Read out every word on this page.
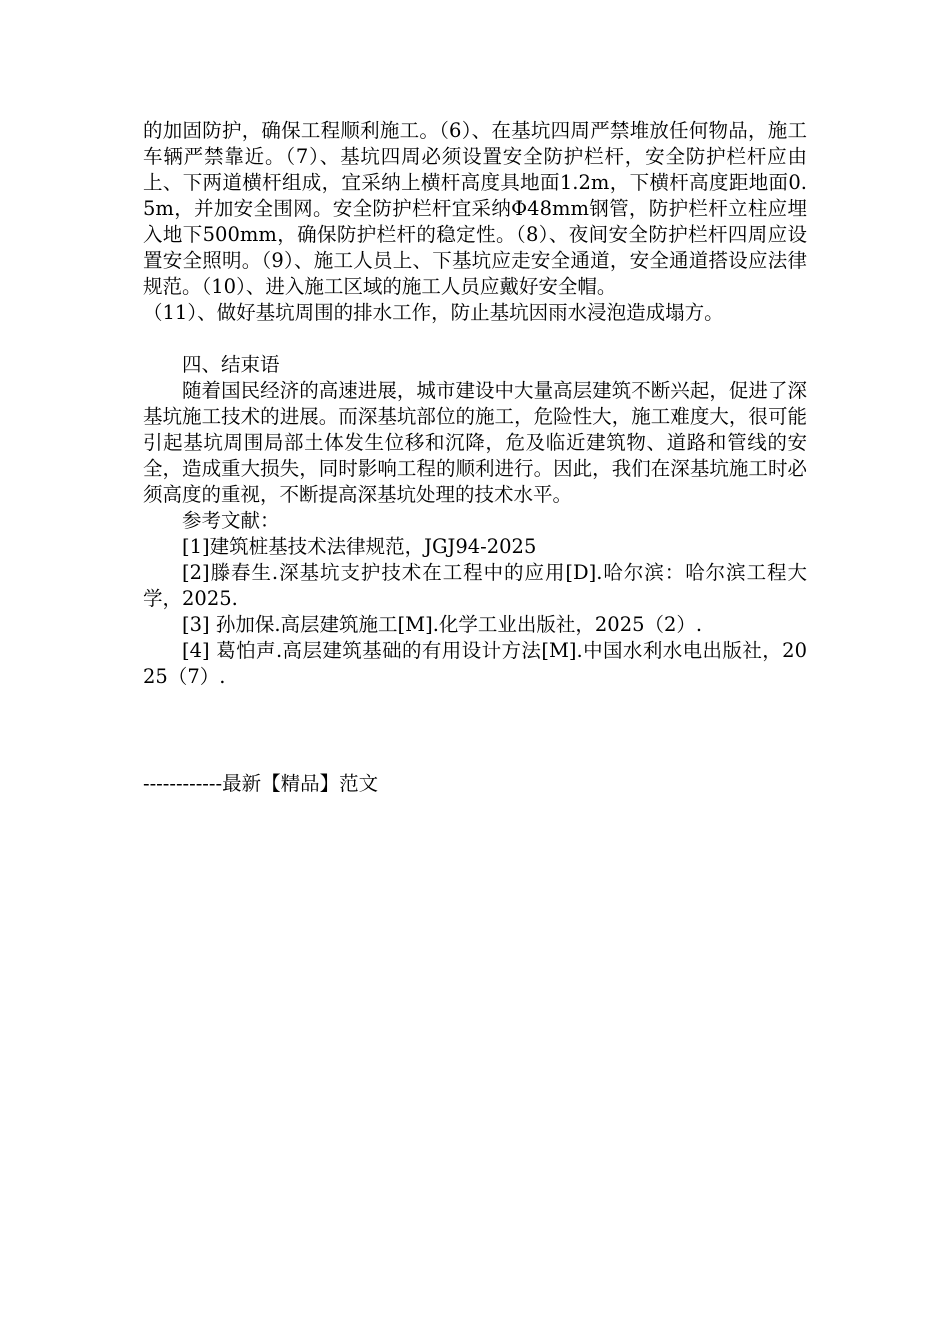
的加固防护，确保工程顺利施工。（6）、在基坑四周严禁堆放任何物品，施工车辆严禁靠近。（7）、基坑四周必须设置安全防护栏杆，安全防护栏杆应由上、下两道横杆组成，宜采纳上横杆高度具地面1.2m，下横杆高度距地面0.5m，并加安全围网。安全防护栏杆宜采纳Φ48mm钢管，防护栏杆立柱应埋入地下500mm，确保防护栏杆的稳定性。（8）、夜间安全防护栏杆四周应设置安全照明。（9）、施工人员上、下基坑应走安全通道，安全通道搭设应法律规范。（10）、进入施工区域的施工人员应戴好安全帽。

（11）、做好基坑周围的排水工作，防止基坑因雨水浸泡造成塌方。

四、结束语

随着国民经济的高速进展，城市建设中大量高层建筑不断兴起，促进了深基坑施工技术的进展。而深基坑部位的施工，危险性大，施工难度大，很可能引起基坑周围局部土体发生位移和沉降，危及临近建筑物、道路和管线的安全，造成重大损失，同时影响工程的顺利进行。因此，我们在深基坑施工时必须高度的重视，不断提高深基坑处理的技术水平。

参考文献：

[1]建筑桩基技术法律规范，JGJ94-2025

[2]滕春生.深基坑支护技术在工程中的应用[D].哈尔滨：哈尔滨工程大学，2025.

[3] 孙加保.高层建筑施工[M].化学工业出版社，2025（2）.

[4] 葛怕声.高层建筑基础的有用设计方法[M].中国水利水电出版社，2025（7）.

------------最新【精品】范文
